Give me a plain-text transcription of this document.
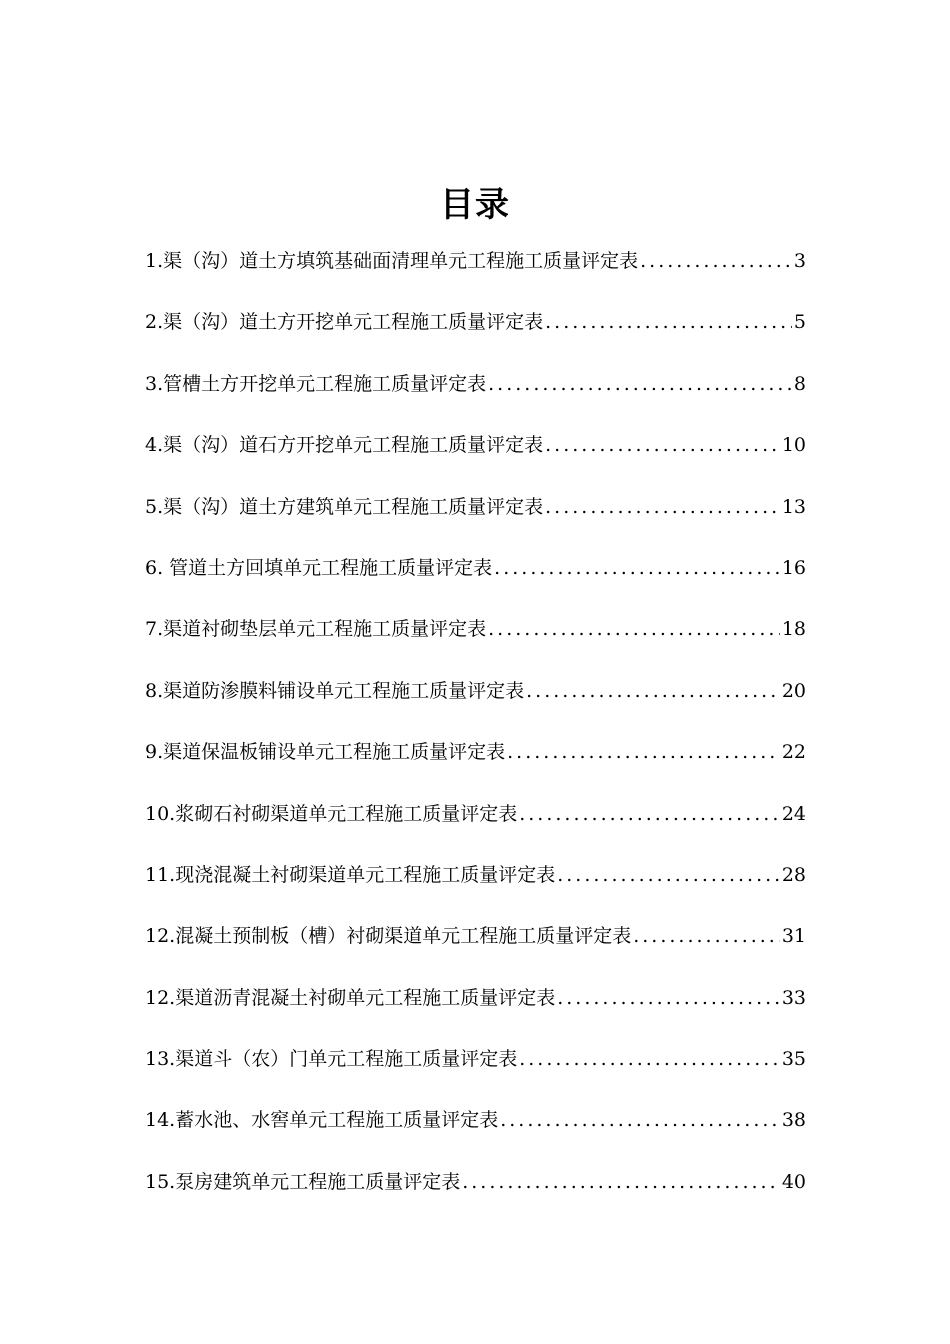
目录
1.渠（沟）道土方填筑基础面清理单元工程施工质量评定表 .....	3
2.渠（沟）道土方开挖单元工程施工质量评定表 .....	5
3.管槽土方开挖单元工程施工质量评定表 .....	8
4.渠（沟）道石方开挖单元工程施工质量评定表 .....	10
5.渠（沟）道土方建筑单元工程施工质量评定表 .....	13
6. 管道土方回填单元工程施工质量评定表 .....	16
7.渠道衬砌垫层单元工程施工质量评定表 .....	18
8.渠道防渗膜料铺设单元工程施工质量评定表 .....	20
9.渠道保温板铺设单元工程施工质量评定表 .....	22
10.浆砌石衬砌渠道单元工程施工质量评定表 .....	24
11.现浇混凝土衬砌渠道单元工程施工质量评定表 .....	28
12.混凝土预制板（槽）衬砌渠道单元工程施工质量评定表 .....	31
12.渠道沥青混凝土衬砌单元工程施工质量评定表 .....	33
13.渠道斗（农）门单元工程施工质量评定表 .....	35
14.蓄水池、水窖单元工程施工质量评定表 .....	38
15.泵房建筑单元工程施工质量评定表 .....	40
